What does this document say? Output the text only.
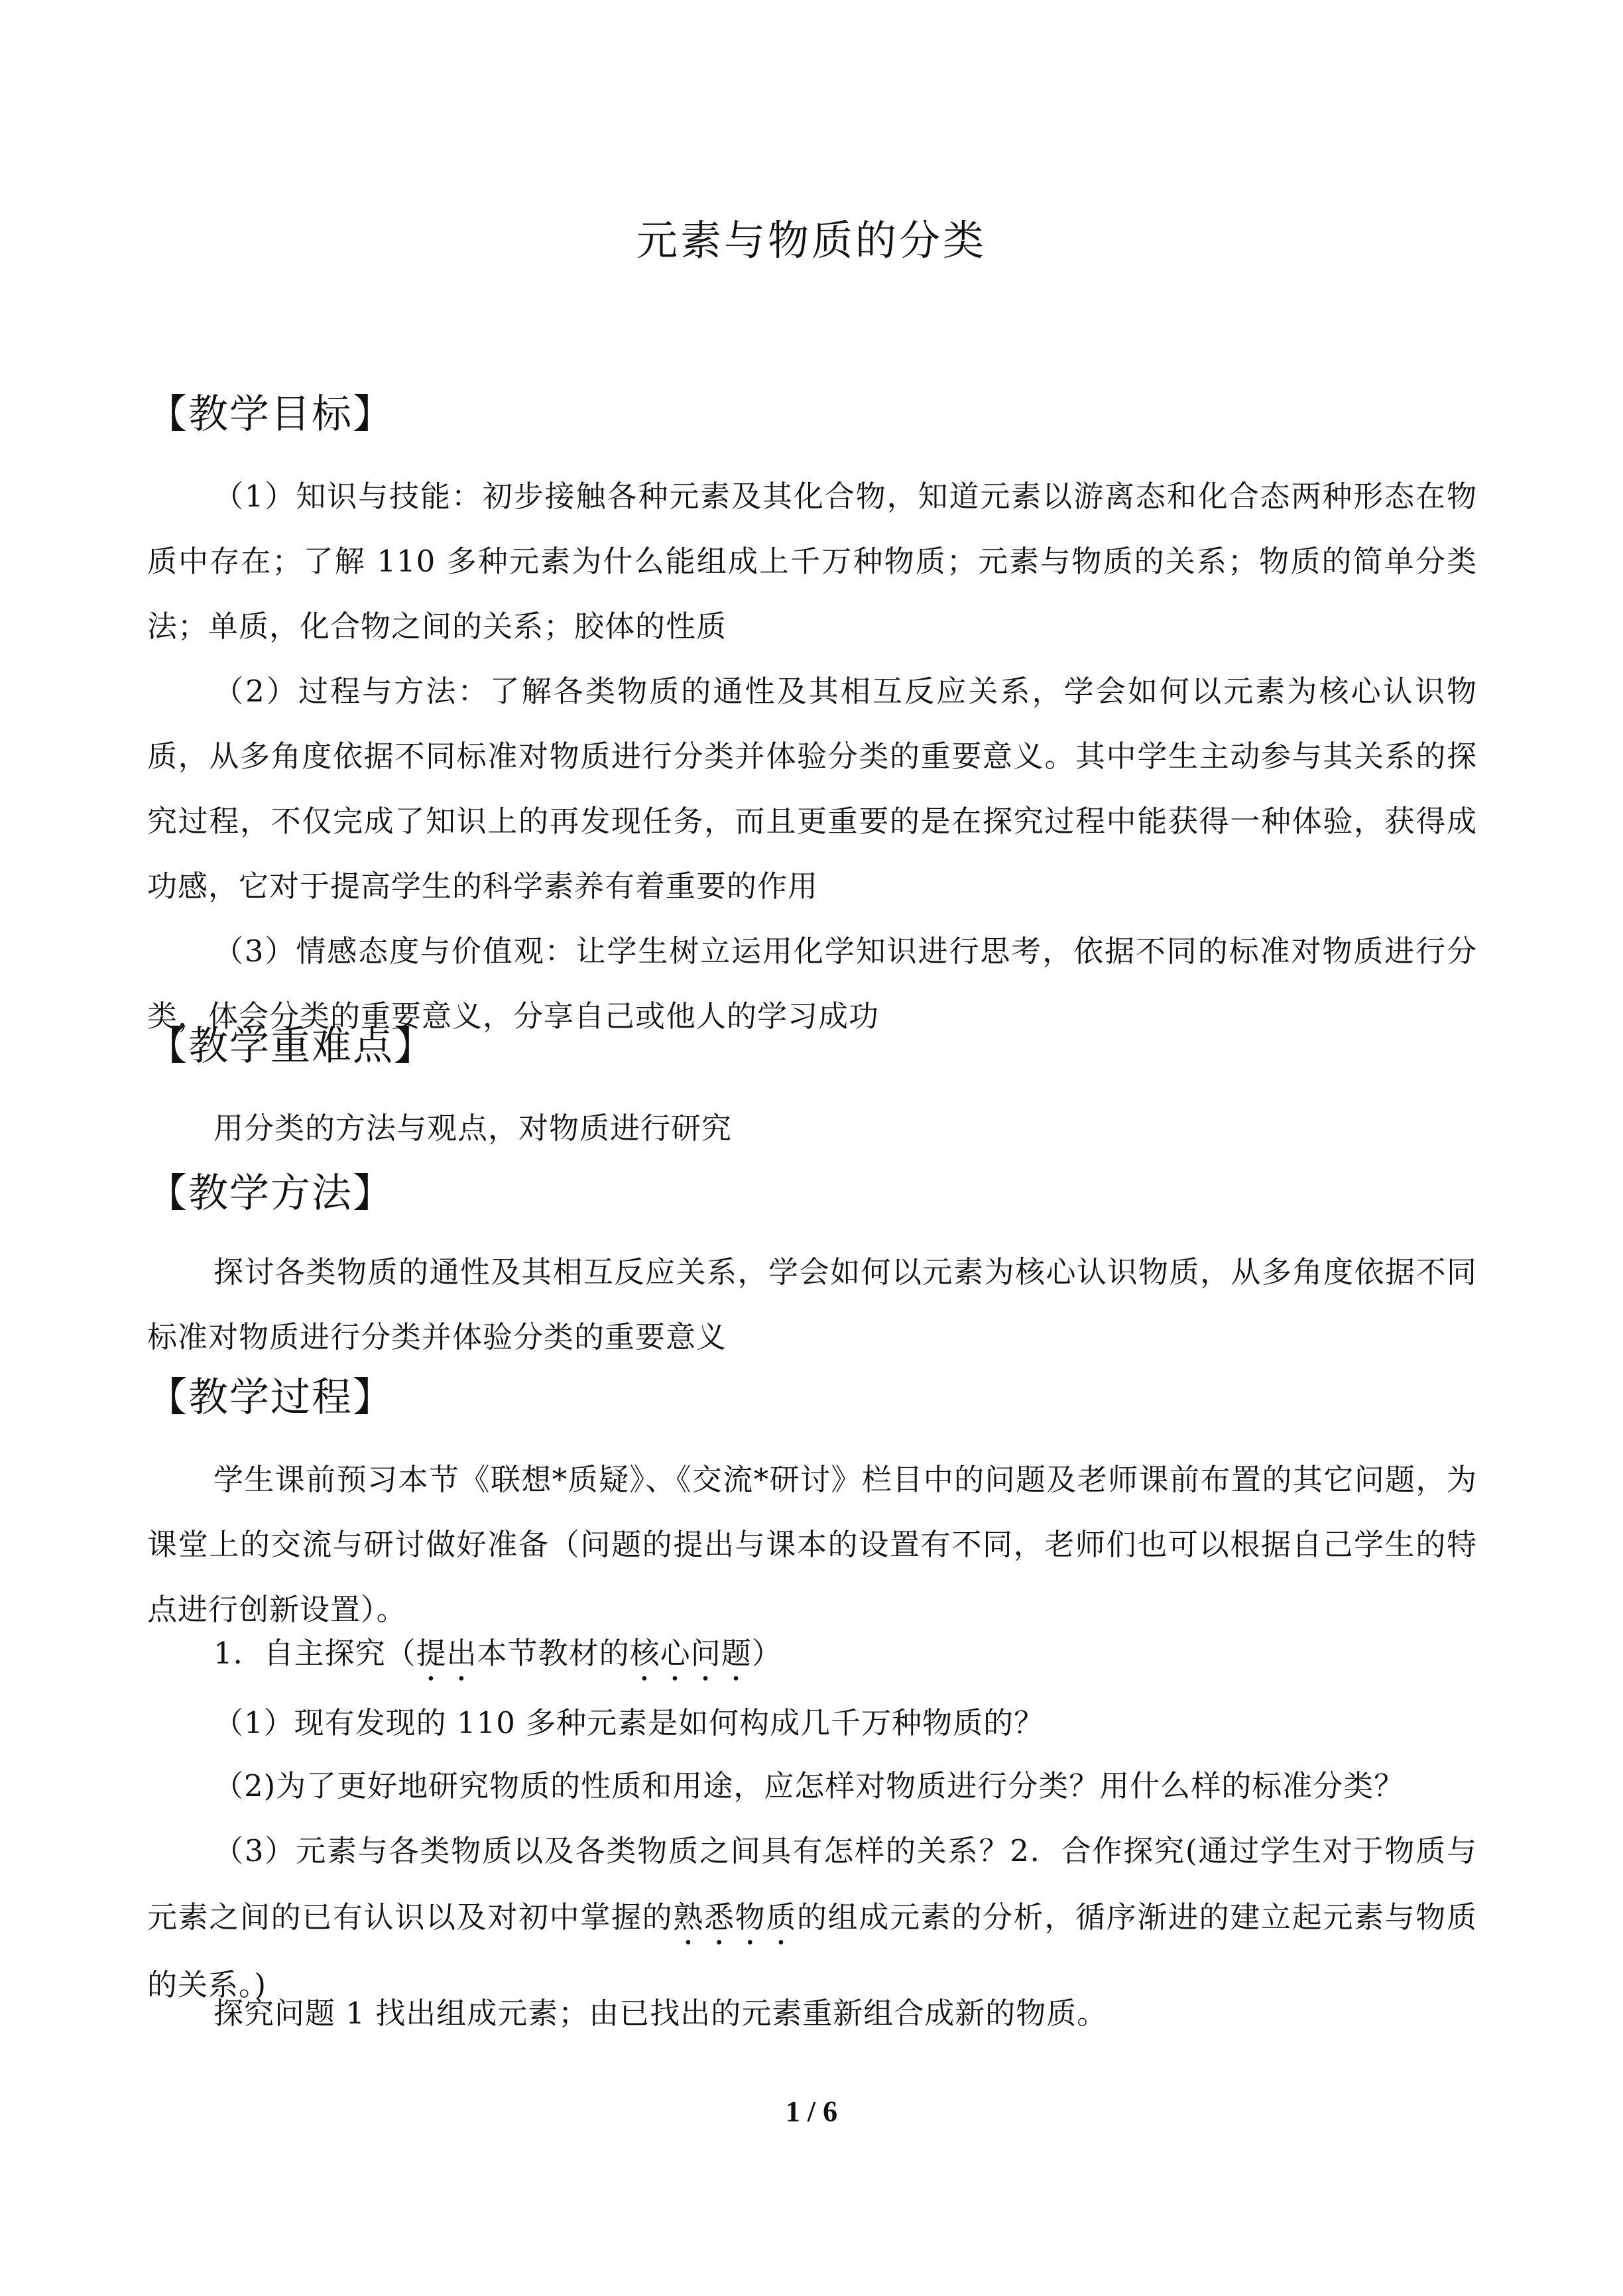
元素与物质的分类
【教学目标】
（1）知识与技能：初步接触各种元素及其化合物，知道元素以游离态和化合态两种形态在物质中存在；了解 110 多种元素为什么能组成上千万种物质；元素与物质的关系；物质的简单分类法；单质，化合物之间的关系；胶体的性质
（2）过程与方法：了解各类物质的通性及其相互反应关系，学会如何以元素为核心认识物质，从多角度依据不同标准对物质进行分类并体验分类的重要意义。其中学生主动参与其关系的探究过程，不仅完成了知识上的再发现任务，而且更重要的是在探究过程中能获得一种体验，获得成功感，它对于提高学生的科学素养有着重要的作用
（3）情感态度与价值观：让学生树立运用化学知识进行思考，依据不同的标准对物质进行分类，体会分类的重要意义，分享自己或他人的学习成功
【教学重难点】
用分类的方法与观点，对物质进行研究
【教学方法】
探讨各类物质的通性及其相互反应关系，学会如何以元素为核心认识物质，从多角度依据不同标准对物质进行分类并体验分类的重要意义
【教学过程】
学生课前预习本节《联想*质疑》、《交流*研讨》栏目中的问题及老师课前布置的其它问题，为课堂上的交流与研讨做好准备（问题的提出与课本的设置有不同，老师们也可以根据自己学生的特点进行创新设置）。
1．自主探究（提出本节教材的核心问题）
（1）现有发现的 110 多种元素是如何构成几千万种物质的？
（2)为了更好地研究物质的性质和用途，应怎样对物质进行分类？用什么样的标准分类？
（3）元素与各类物质以及各类物质之间具有怎样的关系？2．合作探究(通过学生对于物质与元素之间的已有认识以及对初中掌握的熟悉物质的组成元素的分析，循序渐进的建立起元素与物质的关系。)
探究问题 1 找出组成元素；由已找出的元素重新组合成新的物质。
1 / 6
